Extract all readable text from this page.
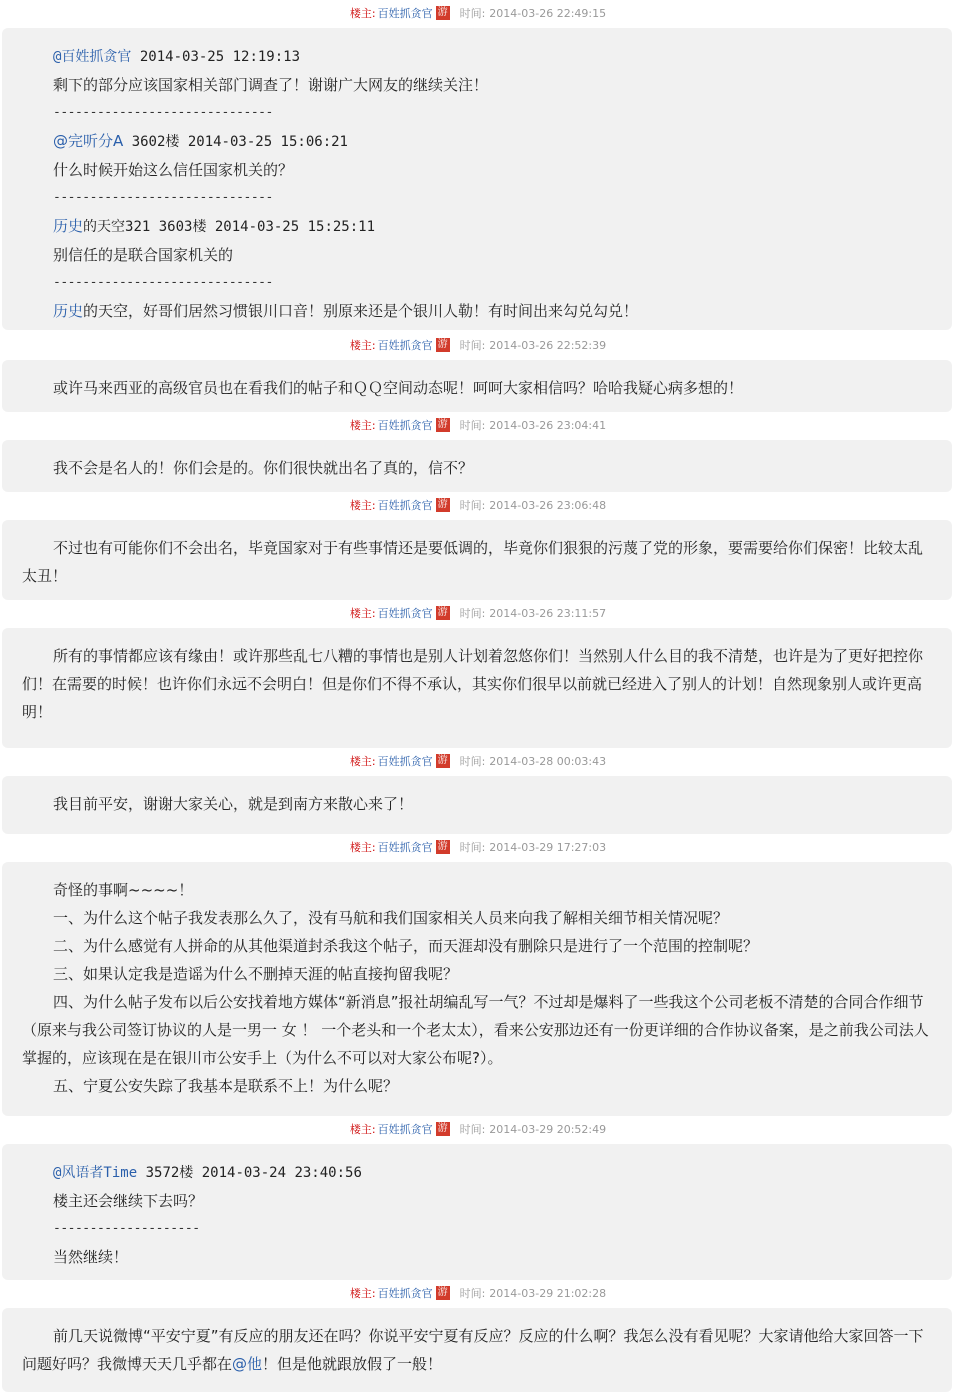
楼主: 百姓抓贪官 游 时间: 2014-03-26 22:49:15
@百姓抓贪官 2014-03-25 12:19:13
剩下的部分应该国家相关部门调查了！谢谢广大网友的继续关注！
------------------------------
@完听分A 3602楼 2014-03-25 15:06:21
什么时候开始这么信任国家机关的？
------------------------------
历史的天空321 3603楼 2014-03-25 15:25:11
别信任的是联合国家机关的
------------------------------
历史的天空，好哥们居然习惯银川口音！别原来还是个银川人勒！有时间出来勾兑勾兑！
楼主: 百姓抓贪官 游 时间: 2014-03-26 22:52:39
或许马来西亚的高级官员也在看我们的帖子和ＱＱ空间动态呢！呵呵大家相信吗？哈哈我疑心病多想的！
楼主: 百姓抓贪官 游 时间: 2014-03-26 23:04:41
我不会是名人的！你们会是的。你们很快就出名了真的，信不？
楼主: 百姓抓贪官 游 时间: 2014-03-26 23:06:48
不过也有可能你们不会出名，毕竟国家对于有些事情还是要低调的，毕竟你们狠狠的污蔑了党的形象，要需要给你们保密！比较太乱太丑！
楼主: 百姓抓贪官 游 时间: 2014-03-26 23:11:57
所有的事情都应该有缘由！或许那些乱七八糟的事情也是别人计划着忽悠你们！当然别人什么目的我不清楚，也许是为了更好把控你们！在需要的时候！也许你们永远不会明白！但是你们不得不承认，其实你们很早以前就已经进入了别人的计划！自然现象别人或许更高明！
楼主: 百姓抓贪官 游 时间: 2014-03-28 00:03:43
我目前平安，谢谢大家关心，就是到南方来散心来了！
楼主: 百姓抓贪官 游 时间: 2014-03-29 17:27:03
奇怪的事啊~~~~！
一、为什么这个帖子我发表那么久了，没有马航和我们国家相关人员来向我了解相关细节相关情况呢？
二、为什么感觉有人拼命的从其他渠道封杀我这个帖子，而天涯却没有删除只是进行了一个范围的控制呢？
三、如果认定我是造谣为什么不删掉天涯的帖直接拘留我呢？
四、为什么帖子发布以后公安找着地方媒体“新消息”报社胡编乱写一气？不过却是爆料了一些我这个公司老板不清楚的合同合作细节（原来与我公司签订协议的人是一男一 女 ！ 一个老头和一个老太太），看来公安那边还有一份更详细的合作协议备案，是之前我公司法人掌握的，应该现在是在银川市公安手上（为什么不可以对大家公布呢?）。
五、宁夏公安失踪了我基本是联系不上！为什么呢？
楼主: 百姓抓贪官 游 时间: 2014-03-29 20:52:49
@风语者Time 3572楼 2014-03-24 23:40:56
楼主还会继续下去吗？
--------------------
当然继续！
楼主: 百姓抓贪官 游 时间: 2014-03-29 21:02:28
前几天说微博“平安宁夏”有反应的朋友还在吗？你说平安宁夏有反应？反应的什么啊？我怎么没有看见呢？大家请他给大家回答一下问题好吗？我微博天天几乎都在@他！但是他就跟放假了一般！
